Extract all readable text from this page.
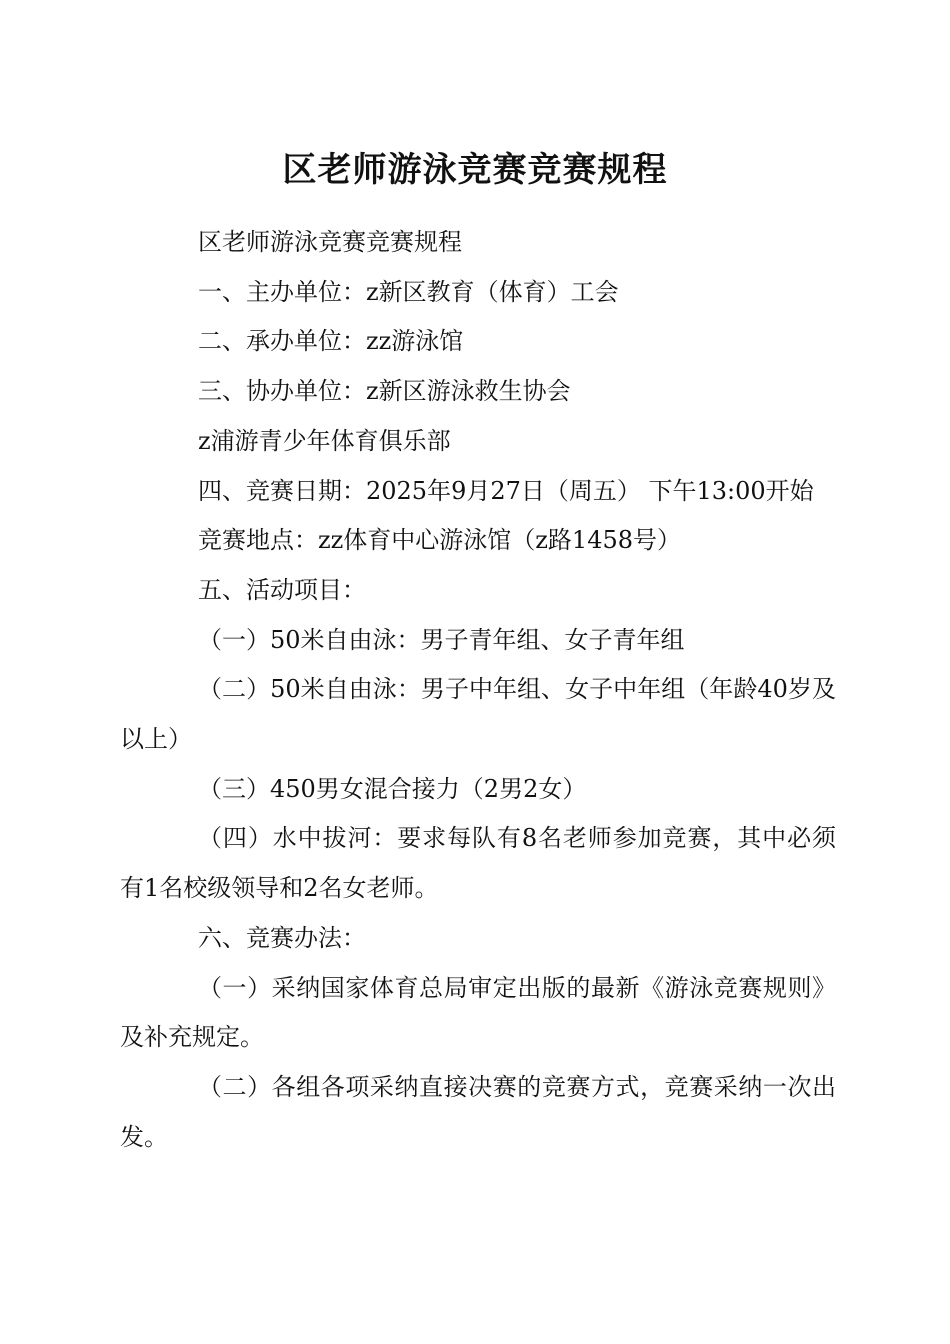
区老师游泳竞赛竞赛规程

区老师游泳竞赛竞赛规程

一、主办单位：z新区教育（体育）工会

二、承办单位：zz游泳馆

三、协办单位：z新区游泳救生协会

z浦游青少年体育俱乐部

四、竞赛日期：2025年9月27日（周五） 下午13:00开始

竞赛地点：zz体育中心游泳馆（z路1458号）

五、活动项目：

（一）50米自由泳：男子青年组、女子青年组

（二）50米自由泳：男子中年组、女子中年组（年龄40岁及以上）

（三）450男女混合接力（2男2女）

（四）水中拔河：要求每队有8名老师参加竞赛，其中必须有1名校级领导和2名女老师。

六、竞赛办法：

（一）采纳国家体育总局审定出版的最新《游泳竞赛规则》及补充规定。

（二）各组各项采纳直接决赛的竞赛方式，竞赛采纳一次出发。
